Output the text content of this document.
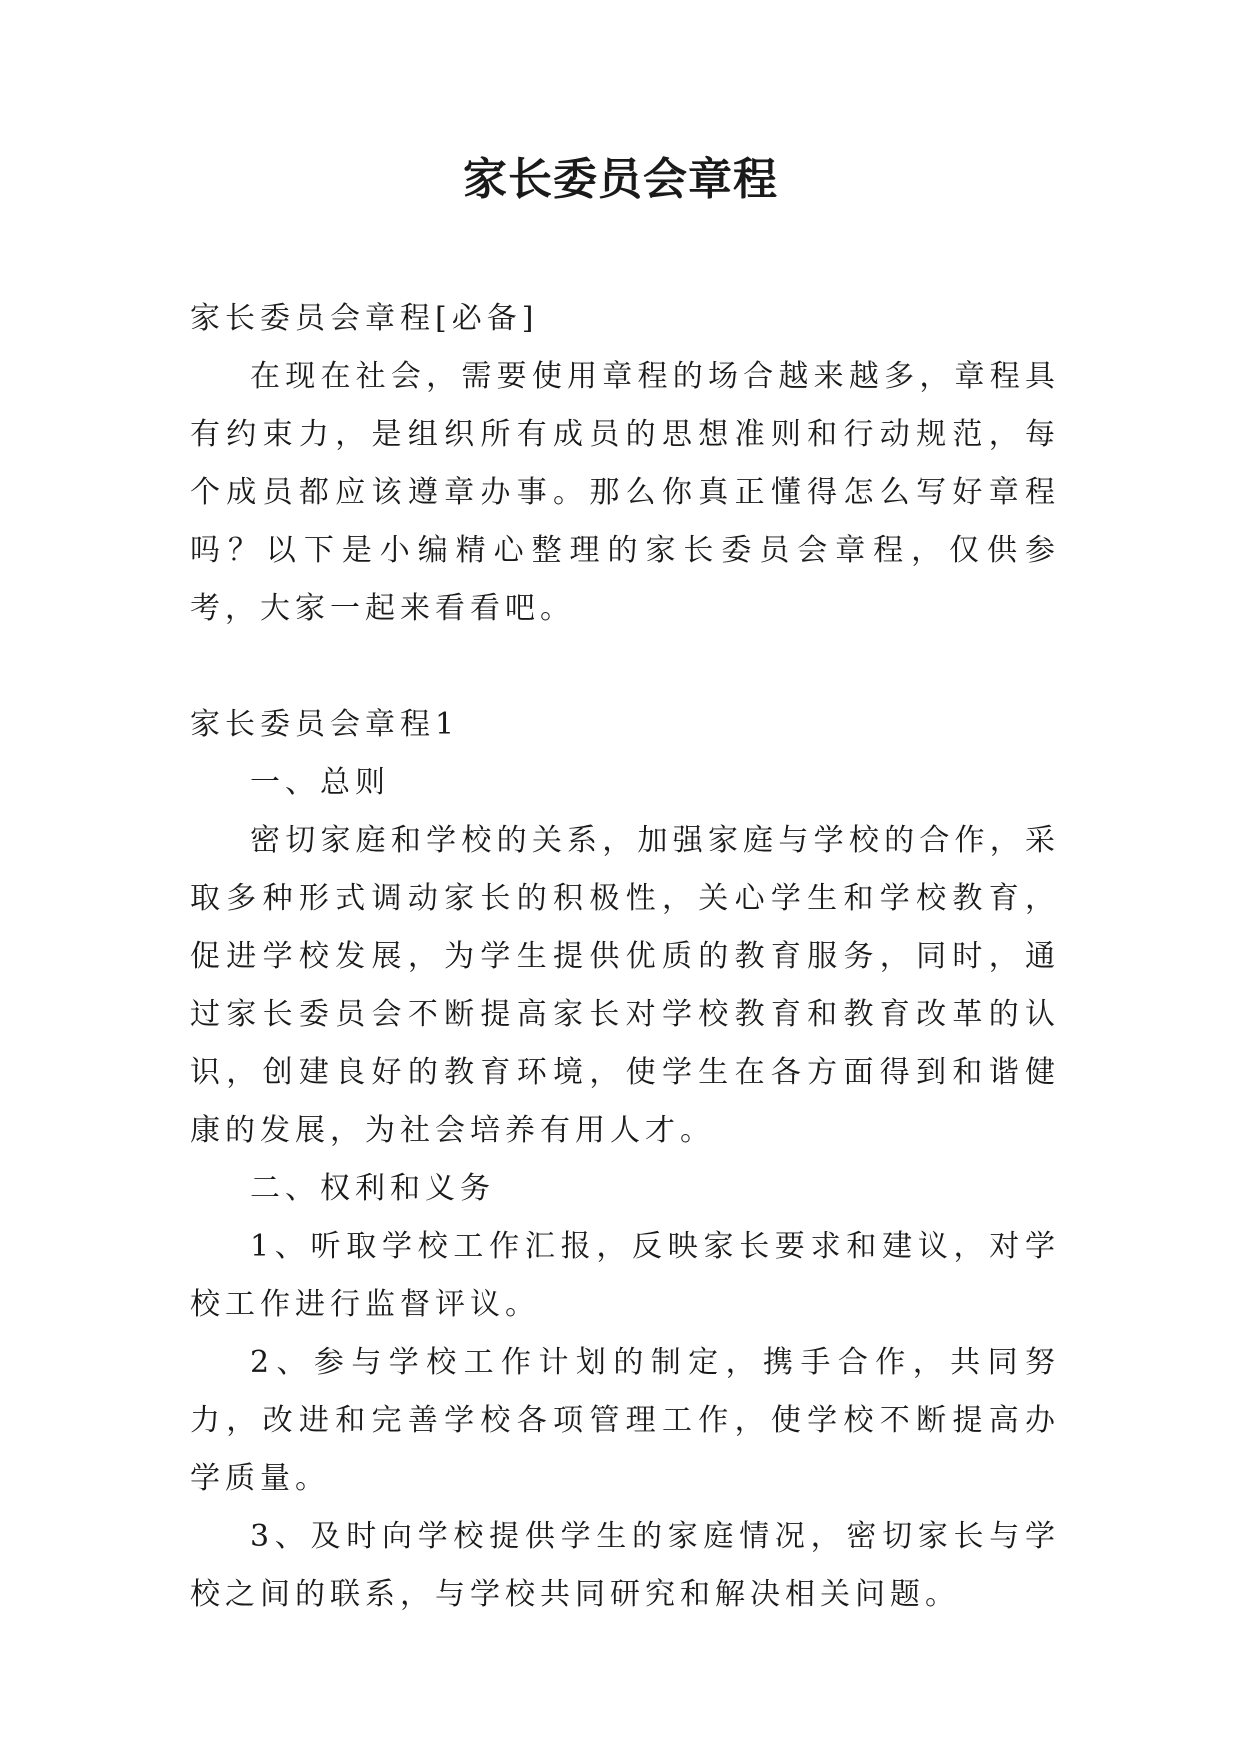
家长委员会章程

家长委员会章程[必备]

在现在社会，需要使用章程的场合越来越多，章程具有约束力，是组织所有成员的思想准则和行动规范，每个成员都应该遵章办事。那么你真正懂得怎么写好章程吗？以下是小编精心整理的家长委员会章程，仅供参考，大家一起来看看吧。

家长委员会章程1

一、总则

密切家庭和学校的关系，加强家庭与学校的合作，采取多种形式调动家长的积极性，关心学生和学校教育，促进学校发展，为学生提供优质的教育服务，同时，通过家长委员会不断提高家长对学校教育和教育改革的认识，创建良好的教育环境，使学生在各方面得到和谐健康的发展，为社会培养有用人才。

二、权利和义务

1、听取学校工作汇报，反映家长要求和建议，对学校工作进行监督评议。

2、参与学校工作计划的制定，携手合作，共同努力，改进和完善学校各项管理工作，使学校不断提高办学质量。

3、及时向学校提供学生的家庭情况，密切家长与学校之间的联系，与学校共同研究和解决相关问题。
